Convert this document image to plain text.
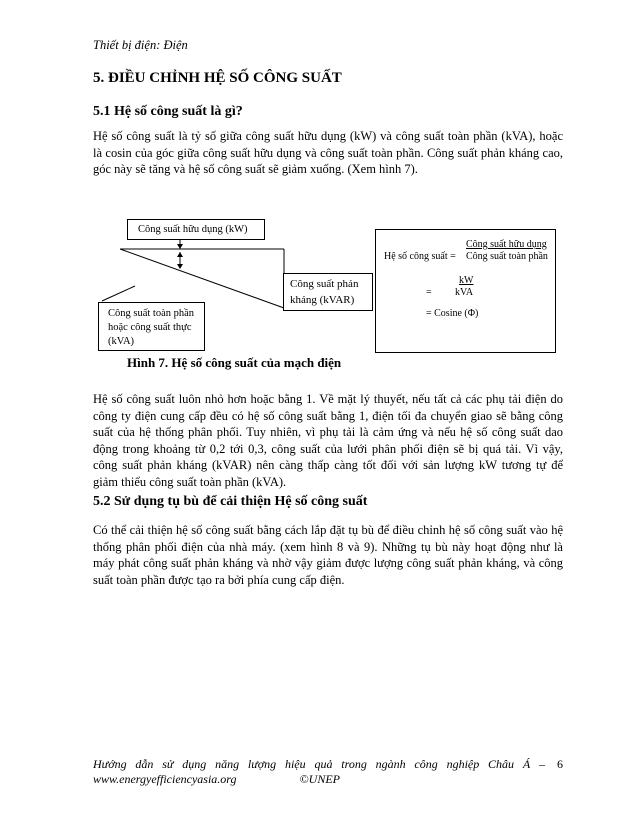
Thiết bị điện: Điện
5. ĐIỀU CHỈNH HỆ SỐ CÔNG SUẤT
5.1 Hệ số công suất là gì?
Hệ số công suất là tỷ số giữa công suất hữu dụng (kW) và công suất toàn phần (kVA), hoặc
là cosin của góc giữa công suất hữu dụng và công suất toàn phần. Công suất phản kháng cao,
góc này sẽ tăng và hệ số công suất sẽ giảm xuống. (Xem hình 7).
Công suất hữu dụng (kW)
Công suất phản
kháng (kVAR)
Công suất toàn phần
hoặc công suất thực
(kVA)
Công suất hữu dụng
Hệ số công suất = Công suất toàn phần
kW
= kVA
= Cosine (Φ)
Hình 7. Hệ số công suất của mạch điện
Hệ số công suất luôn nhỏ hơn hoặc bằng 1. Về mặt lý thuyết, nếu tất cả các phụ tải điện do
công ty điện cung cấp đều có hệ số công suất bằng 1, điện tối đa chuyển giao sẽ bằng công
suất của hệ thống phân phối. Tuy nhiên, vì phụ tải là cảm ứng và nếu hệ số công suất dao
động trong khoảng từ 0,2 tới 0,3, công suất của lưới phân phối điện sẽ bị quá tải. Vì vậy,
công suất phản kháng (kVAR) nên càng thấp càng tốt đối với sản lượng kW tương tự để
giảm thiểu công suất toàn phần (kVA).
5.2 Sử dụng tụ bù để cải thiện Hệ số công suất
Có thể cải thiện hệ số công suất bằng cách lắp đặt tụ bù để điều chỉnh hệ số công suất vào hệ
thống phân phối điện của nhà máy. (xem hình 8 và 9). Những tụ bù này hoạt động như là
máy phát công suất phản kháng và nhờ vậy giảm được lượng công suất phản kháng, và công
suất toàn phần được tạo ra bởi phía cung cấp điện.
Hướng dẫn sử dụng năng lượng hiệu quả trong ngành công nghiệp Châu Á –
www.energyefficiencyasia.org	©UNEP
6
